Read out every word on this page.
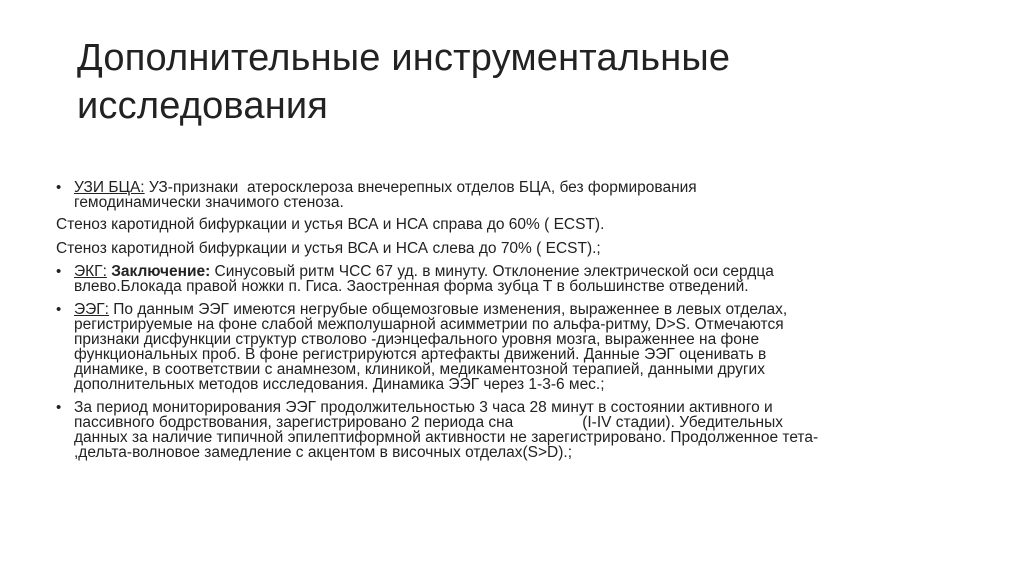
Дополнительные инструментальные
исследования
• УЗИ БЦА: УЗ-признаки  атеросклероза внечерепных отделов БЦА, без формирования
гемодинамически значимого стеноза.
Стеноз каротидной бифуркации и устья ВСА и НСА справа до 60% ( ECST).
Стеноз каротидной бифуркации и устья ВСА и НСА слева до 70% ( ECST).;
• ЭКГ: Заключение: Синусовый ритм ЧСС 67 уд. в минуту. Отклонение электрической оси сердца
влево.Блокада правой ножки п. Гиса. Заостренная форма зубца Т в большинстве отведений.
• ЭЭГ: По данным ЭЭГ имеются негрубые общемозговые изменения, выраженнее в левых отделах,
регистрируемые на фоне слабой межполушарной асимметрии по альфа-ритму, D>S. Отмечаются
признаки дисфункции структур стволово -диэнцефального уровня мозга, выраженнее на фоне
функциональных проб. В фоне регистрируются артефакты движений. Данные ЭЭГ оценивать в
динамике, в соответствии с анамнезом, клиникой, медикаментозной терапией, данными других
дополнительных методов исследования. Динамика ЭЭГ через 1-3-6 мес.;
• За период мониторирования ЭЭГ продолжительностью 3 часа 28 минут в состоянии активного и
пассивного бодрствования, зарегистрировано 2 периода сна                (I-IV стадии). Убедительных
данных за наличие типичной эпилептиформной активности не зарегистрировано. Продолженное тета-
,дельта-волновое замедление с акцентом в височных отделах(S>D).;
